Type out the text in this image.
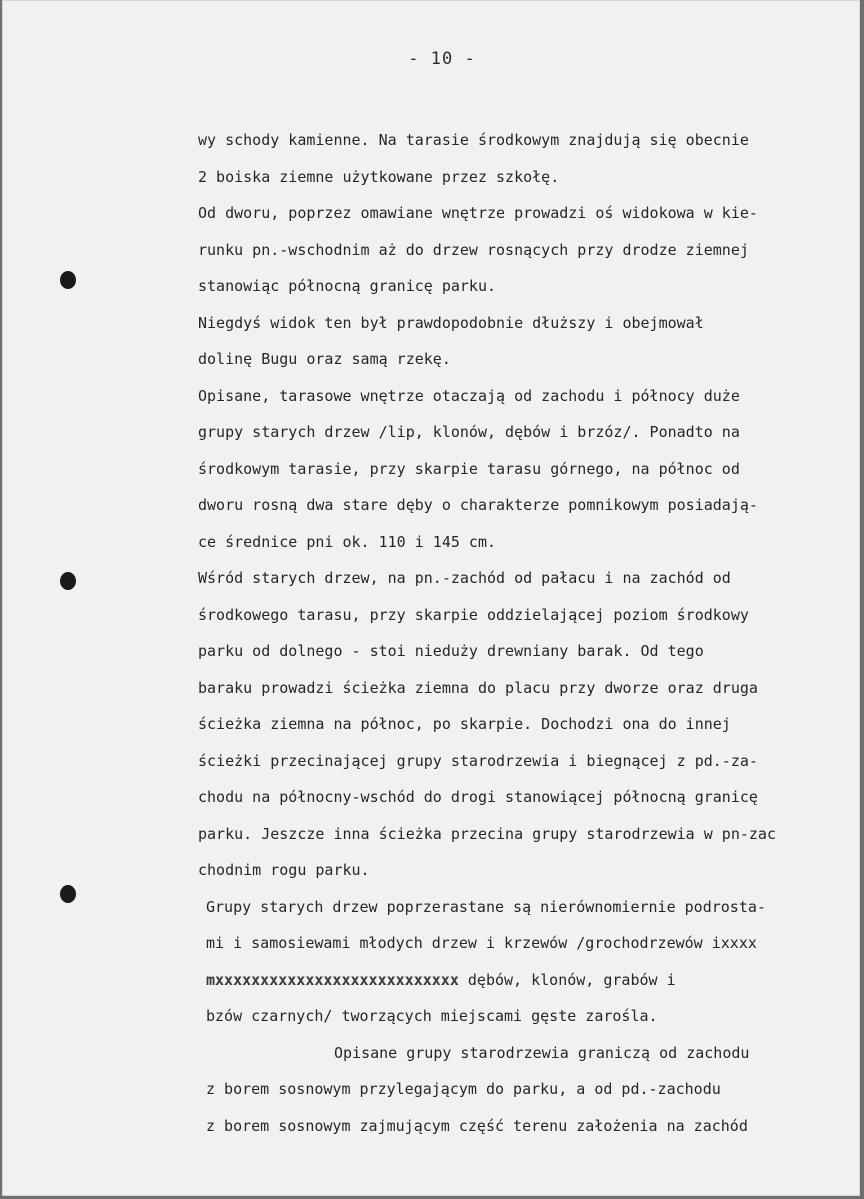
- 10 -
wy schody kamienne. Na tarasie środkowym znajdują się obecnie
2 boiska ziemne użytkowane przez szkołę.
Od dworu, poprzez omawiane wnętrze prowadzi oś widokowa w kie-
runku pn.-wschodnim aż do drzew rosnących przy drodze ziemnej
stanowiąc północną granicę parku.
Niegdyś widok ten był prawdopodobnie dłuższy i obejmował
dolinę Bugu oraz samą rzekę.
Opisane, tarasowe wnętrze otaczają od zachodu i północy duże
grupy starych drzew /lip, klonów, dębów i brzóz/. Ponadto na
środkowym tarasie, przy skarpie tarasu górnego, na północ od
dworu rosną dwa stare dęby o charakterze pomnikowym posiadają-
ce średnice pni ok. 110 i 145 cm.
Wśród starych drzew, na pn.-zachód od pałacu i na zachód od
środkowego tarasu, przy skarpie oddzielającej poziom środkowy
parku od dolnego - stoi nieduży drewniany barak. Od tego
baraku prowadzi ścieżka ziemna do placu przy dworze oraz druga
ścieżka ziemna na północ, po skarpie. Dochodzi ona do innej
ścieżki przecinającej grupy starodrzewia i biegnącej z pd.-za-
chodu na północny-wschód do drogi stanowiącej północną granicę
parku. Jeszcze inna ścieżka przecina grupy starodrzewia w pn-zac
chodnim rogu parku.
Grupy starych drzew poprzerastane są nierównomiernie podrosta-
mi i samosiewami młodych drzew i krzewów /grochodrzewów ixxxx
mxxxxxxxxxxxxxxxxxxxxxxxxxxx dębów, klonów, grabów i
bzów czarnych/ tworzących miejscami gęste zarośla.
Opisane grupy starodrzewia graniczą od zachodu
z borem sosnowym przylegającym do parku, a od pd.-zachodu
z borem sosnowym zajmującym część terenu założenia na zachód
